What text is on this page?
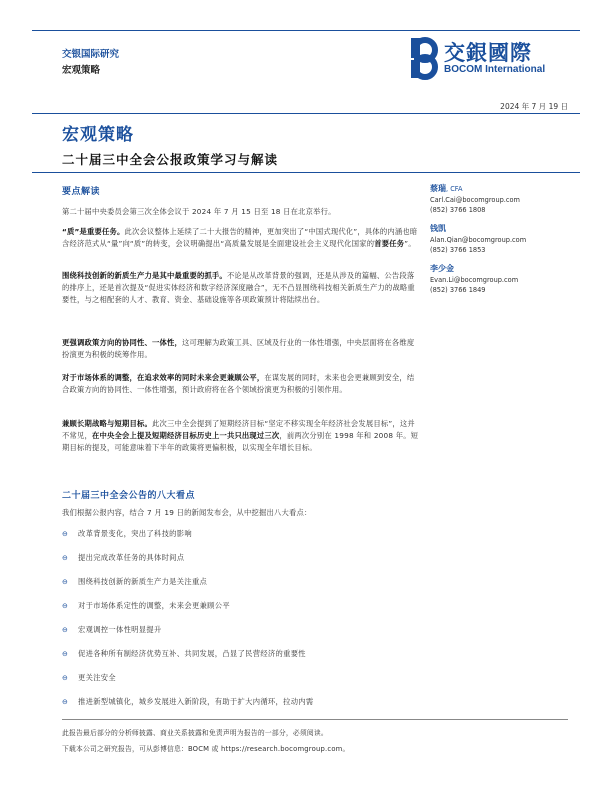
交银国际研究
宏观策略
交銀國際
BOCOM International
2024 年 7 月 19 日
宏观策略
二十届三中全会公报政策学习与解读
要点解读
第二十届中央委员会第三次全体会议于 2024 年 7 月 15 日至 18 日在北京举行。
“质”是重要任务。此次会议整体上延续了二十大报告的精神，更加突出了“中国式现代化”，具体的内涵也暗含经济范式从“量”向“质”的转变，会议明确提出“高质量发展是全面建设社会主义现代化国家的首要任务”。
围绕科技创新的新质生产力是其中最重要的抓手。不论是从改革背景的强调，还是从涉及的篇幅、公告段落的排序上，还是首次提及“促进实体经济和数字经济深度融合”，无不凸显围绕科技相关新质生产力的战略重要性，与之相配套的人才、教育、资金、基础设施等各项政策预计将陆续出台。
更强调政策方向的协同性、一体性，这可理解为政策工具、区域及行业的一体性增强，中央层面将在各维度扮演更为积极的统筹作用。
对于市场体系的调整，在追求效率的同时未来会更兼顾公平，在谋发展的同时，未来也会更兼顾到安全，结合政策方向的协同性、一体性增强，预计政府将在各个领域扮演更为积极的引领作用。
兼顾长期战略与短期目标。此次三中全会提到了短期经济目标“坚定不移实现全年经济社会发展目标”，这并不常见，在中央全会上提及短期经济目标历史上一共只出现过三次，前两次分别在 1998 年和 2008 年。短期目标的提及，可能意味着下半年的政策将更偏积极，以实现全年增长目标。
蔡瑞, CFA
Carl.Cai@bocomgroup.com
(852) 3766 1808
钱凯
Alan.Qian@bocomgroup.com
(852) 3766 1853
李少金
Evan.Li@bocomgroup.com
(852) 3766 1849
二十届三中全会公告的八大看点
我们根据公报内容，结合 7 月 19 日的新闻发布会，从中挖掘出八大看点：
⊖ 改革背景变化，突出了科技的影响
⊖ 提出完成改革任务的具体时间点
⊖ 围绕科技创新的新质生产力是关注重点
⊖ 对于市场体系定性的调整，未来会更兼顾公平
⊖ 宏观调控一体性明显提升
⊖ 促进各种所有制经济优势互补、共同发展，凸显了民营经济的重要性
⊖ 更关注安全
⊖ 推进新型城镇化，城乡发展进入新阶段，有助于扩大内循环，拉动内需
此报告最后部分的分析师披露、商业关系披露和免责声明为报告的一部分，必须阅读。
下载本公司之研究报告，可从彭博信息：BOCM 或 https://research.bocomgroup.com。
